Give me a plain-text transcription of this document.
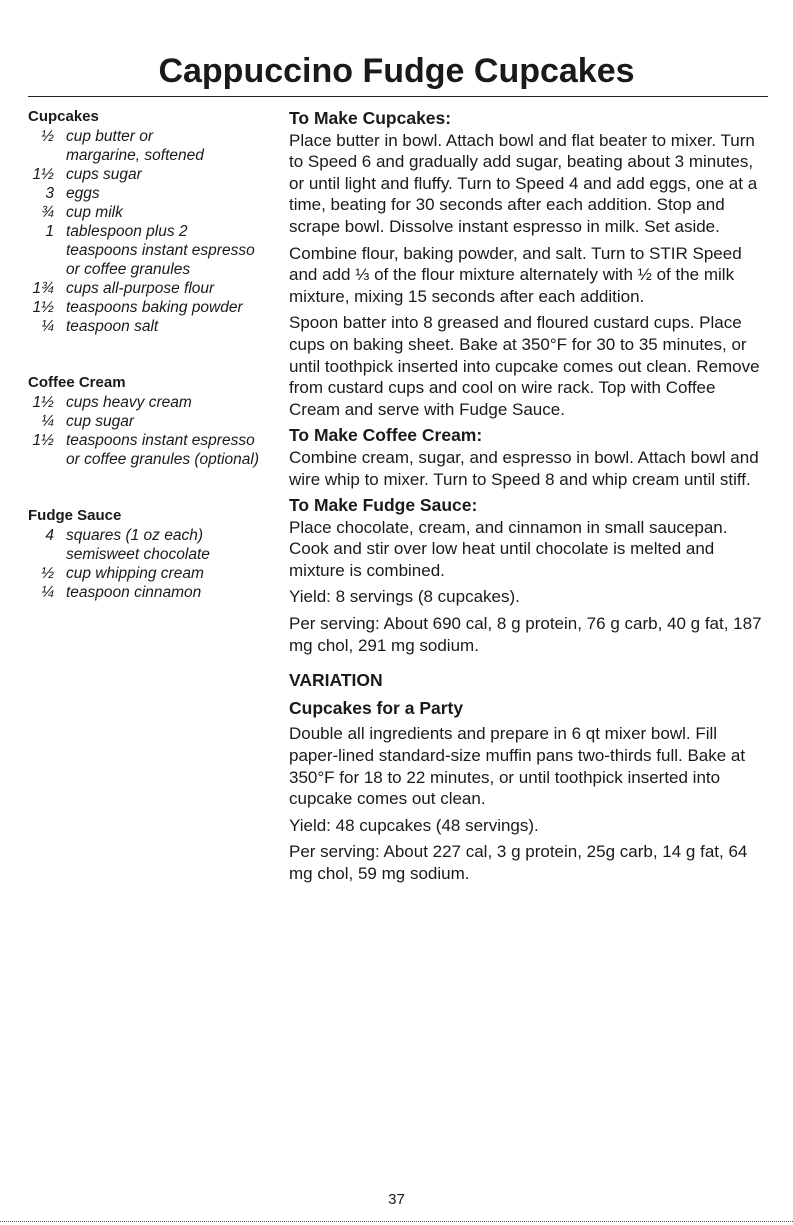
Cappuccino Fudge Cupcakes
Cupcakes
½ cup butter or margarine, softened
1½ cups sugar
3 eggs
¾ cup milk
1 tablespoon plus 2 teaspoons instant espresso or coffee granules
1¾ cups all-purpose flour
1½ teaspoons baking powder
¼ teaspoon salt
Coffee Cream
1½ cups heavy cream
¼ cup sugar
1½ teaspoons instant espresso or coffee granules (optional)
Fudge Sauce
4 squares (1 oz each) semisweet chocolate
½ cup whipping cream
¼ teaspoon cinnamon
To Make Cupcakes:

Place butter in bowl. Attach bowl and flat beater to mixer. Turn to Speed 6 and gradually add sugar, beating about 3 minutes, or until light and fluffy. Turn to Speed 4 and add eggs, one at a time, beating for 30 seconds after each addition. Stop and scrape bowl. Dissolve instant espresso in milk. Set aside.

Combine flour, baking powder, and salt. Turn to STIR Speed and add ⅓ of the flour mixture alternately with ½ of the milk mixture, mixing 15 seconds after each addition.

Spoon batter into 8 greased and floured custard cups. Place cups on baking sheet. Bake at 350°F for 30 to 35 minutes, or until toothpick inserted into cupcake comes out clean. Remove from custard cups and cool on wire rack. Top with Coffee Cream and serve with Fudge Sauce.

To Make Coffee Cream:

Combine cream, sugar, and espresso in bowl. Attach bowl and wire whip to mixer. Turn to Speed 8 and whip cream until stiff.

To Make Fudge Sauce:

Place chocolate, cream, and cinnamon in small saucepan. Cook and stir over low heat until chocolate is melted and mixture is combined.

Yield: 8 servings (8 cupcakes).

Per serving: About 690 cal, 8 g protein, 76 g carb, 40 g fat, 187 mg chol, 291 mg sodium.

VARIATION
Cupcakes for a Party

Double all ingredients and prepare in 6 qt mixer bowl. Fill paper-lined standard-size muffin pans two-thirds full. Bake at 350°F for 18 to 22 minutes, or until toothpick inserted into cupcake comes out clean.

Yield: 48 cupcakes (48 servings).

Per serving: About 227 cal, 3 g protein, 25g carb, 14 g fat, 64 mg chol, 59 mg sodium.

37
